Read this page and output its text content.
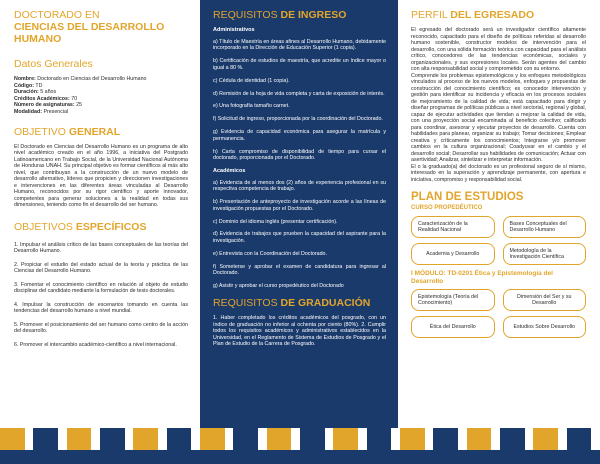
DOCTORADO EN
CIENCIAS DEL DESARROLLO
HUMANO
Datos Generales
Nombre: Doctorado en Ciencias del Desarrollo Humano
Código: TD
Duración: 5 años
Créditos Académicos: 70
Número de asignaturas: 25
Modalidad: Presencial
OBJETIVO GENERAL
El Doctorado en Ciencias del Desarrollo Humano es un programa de alto nivel académico creado en el año 1996, a iniciativa del Postgrado Latinoamericano en Trabajo Social, de la Universidad Nacional Autónoma de Honduras UNAH. Su principal objetivo es formar científicos al más alto nivel, que contribuyan a la construcción de un nuevo modelo de desarrollo alternativo, líderes que propicien y direccionen investigaciones e intervenciones en las diferentes áreas vinculadas al Desarrollo Humano, reconocidos por su rigor científico y aporte innovador, competentes para generar soluciones a la realidad en todas sus dimensiones, teniendo como fin el desarrollo del ser humano.
OBJETIVOS ESPECÍFICOS
1. Impulsar el análisis crítico de las bases conceptuales de las teorías del Desarrollo Humano.
2. Propiciar el estudio del estado actual de la teoría y práctica de las Ciencias del Desarrollo Humano.
3. Fomentar el conocimiento científico en relación al objeto de estudio disciplinar del candidato mediante la formulación de tesis doctorales.
4. Impulsar la construcción de escenarios tomando en cuenta las tendencias del desarrollo humano a nivel mundial.
5. Promover el posicionamiento del ser humano como centro de la acción del desarrollo.
6. Promover el intercambio académico-científico a nivel internacional.
REQUISITOS DE INGRESO
Administrativos
a) Título de Maestría en áreas afines al Desarrollo Humano, debidamente incorporado en la Dirección de Educación Superior (1 copia).
b) Certificación de estudios de maestría, que acredite un índice mayor o igual a 80 %.
c) Cédula de identidad (1 copia).
d) Remisión de la hoja de vida completa y carta de exposición de interés.
e) Una fotografía tamaño carnet.
f) Solicitud de ingreso, proporcionada por la coordinación del Doctorado.
g) Evidencia de capacidad económica para asegurar la matrícula y permanencia.
h) Carta compromiso de disponibilidad de tiempo para cursar el doctorado, proporcionada por el Doctorado.
Académicos
a) Evidencia de al menos dos (2) años de experiencia profesional en su respectiva competencia de trabajo.
b) Presentación de anteproyecto de investigación acorde a las líneas de investigación propuestas por el Doctorado.
c) Dominio del idioma inglés (presentar certificación).
d) Evidencia de trabajos que prueben la capacidad del aspirante para la investigación.
e) Entrevista con la Coordinación del Doctorado.
f) Someterse y aprobar el examen de candidatura para ingresar al Doctorado.
g) Asistir y aprobar el curso propedéutico del Doctorado
REQUISITOS DE GRADUACIÓN
1. Haber completado los créditos académicos del posgrado, con un índice de graduación no inferior al ochenta por ciento (80%). 2. Cumplir todos los requisitos académicos y administrativos establecidos en la Universidad, en el Reglamento de Sistema de Estudios de Posgrado y el Plan de Estudio de la Carrera de Posgrado.
PERFIL DEL EGRESADO
El egresado del doctorado será un investigador científico altamente reconocido, capacitado para el diseño de políticas referidas al desarrollo humano sostenible, constructor modelos de intervención para el desarrollo, con una sólida formación teórica con capacidad para el análisis crítico, conocedores de las tendencias económicas, sociales y organizacionales, y sus expresiones locales. Serán agentes del cambio con alta responsabilidad social y comprometido con su entorno.
Comprende los problemas epistemológicos y los enfoques metodológicos vinculados al proceso de los nuevos modelos, enfoques y propuestas de construcción del conocimiento científico; es conocedor intervención y gestión para identificar su incidencia y eficacia en los procesos sociales de mejoramiento de la calidad de vida; está capacitado para dirigir y diseñar programas de políticas públicas a nivel sectorial, regional y global, capaz de ejecutar actividades que tiendan a mejorar la calidad de vida, con una proyección social encaminada al beneficio colectivo; calificado para coordinar, asesorar y ejecutar proyectos de desarrollo. Cuenta con habilidades para planear, organizar su trabajo; Tomar decisiones; Emplear creativa y críticamente los conocimientos; Integrarse y/o promover cambios en la cultura organizacional; Coadyuvar en el cambio y el desarrollo social; Desarrollar sus habilidades de comunicación; Actuar con asertividad; Analizar, sintetizar e interpretar información.
El o la graduado(a) del doctorado es un profesional seguro de sí mismo, interesado en la superación y aprendizaje permanente, con apertura e iniciativa, compromiso y responsabilidad social.
PLAN DE ESTUDIOS
CURSO PROPEDÉUTICO
Caracterización de la Realidad Nacional
Bases Conceptuales del Desarrollo Humano
Academia y Desarrollo
Metodología de la Investigación Científica
I MÓDULO: TD-0201 Ética y Epistemología del Desarrollo
Epistemología (Teoría del Conocimiento)
Dimensión del Ser y su Desarrollo
Ética del Desarrollo	Estudios Sobre Desarrollo
